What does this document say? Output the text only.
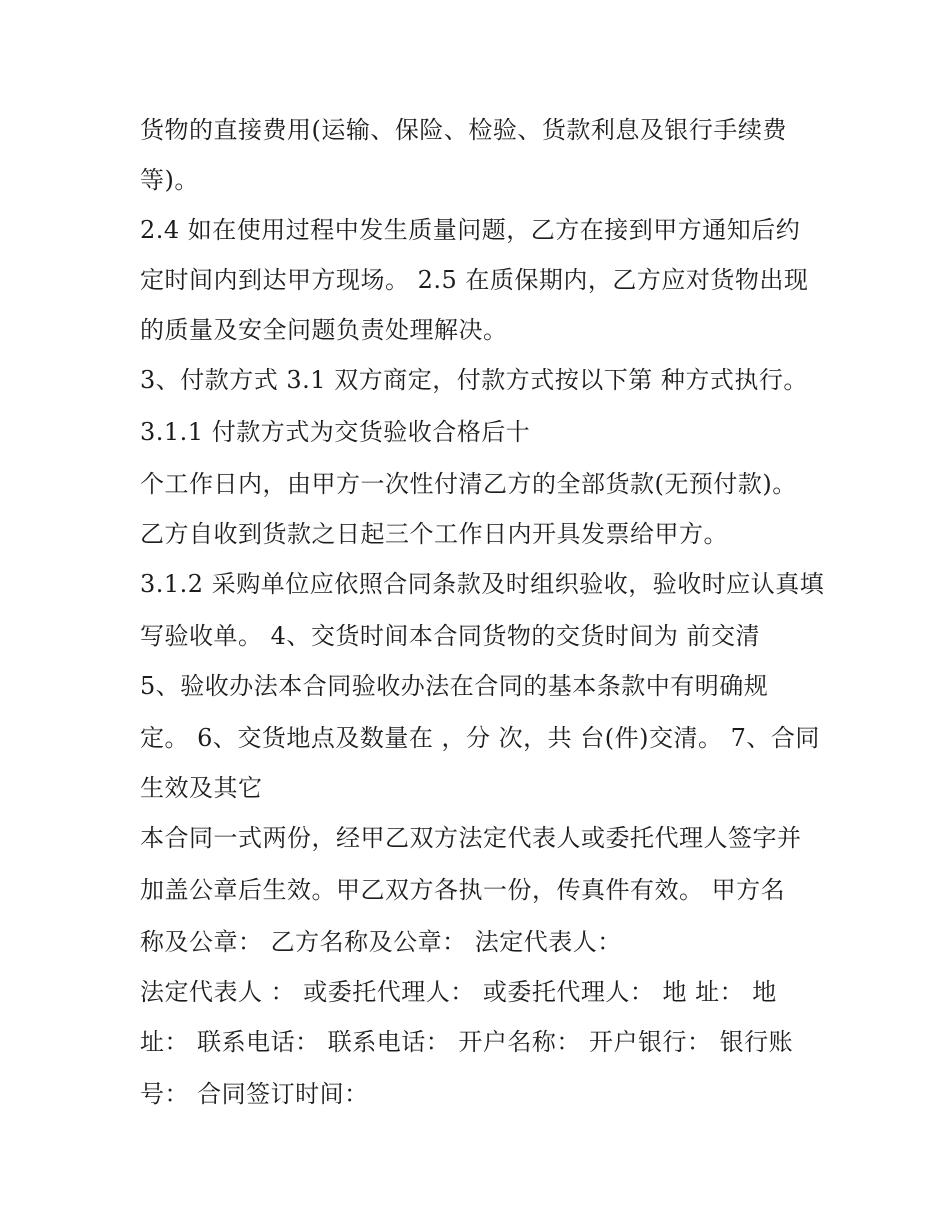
货物的直接费用(运输、保险、检验、货款利息及银行手续费
等)。
2.4 如在使用过程中发生质量问题，乙方在接到甲方通知后约
定时间内到达甲方现场。 2.5 在质保期内，乙方应对货物出现
的质量及安全问题负责处理解决。
3、付款方式 3.1 双方商定，付款方式按以下第 种方式执行。
3.1.1 付款方式为交货验收合格后十
个工作日内，由甲方一次性付清乙方的全部货款(无预付款)。
乙方自收到货款之日起三个工作日内开具发票给甲方。
3.1.2 采购单位应依照合同条款及时组织验收，验收时应认真填
写验收单。 4、交货时间本合同货物的交货时间为 前交清
5、验收办法本合同验收办法在合同的基本条款中有明确规
定。 6、交货地点及数量在 ，分 次，共 台(件)交清。 7、合同
生效及其它
本合同一式两份，经甲乙双方法定代表人或委托代理人签字并
加盖公章后生效。甲乙双方各执一份，传真件有效。 甲方名
称及公章： 乙方名称及公章： 法定代表人：
法定代表人 ： 或委托代理人： 或委托代理人： 地 址： 地
址： 联系电话： 联系电话： 开户名称： 开户银行： 银行账
号： 合同签订时间：
